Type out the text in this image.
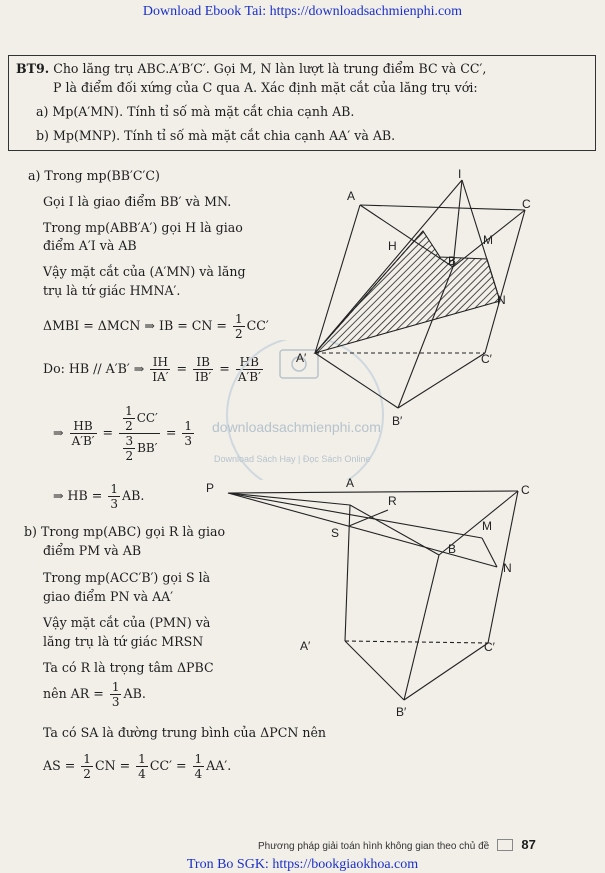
Download Ebook Tai: https://downloadsachmienphi.com
BT9. Cho lăng trụ ABC.A′B′C′. Gọi M, N làn lượt là trung điểm BC và CC′,
P là điểm đối xứng của C qua A. Xác định mặt cắt của lăng trụ với:
a) Mp(A′MN). Tính tỉ số mà mặt cắt chia cạnh AB.
b) Mp(MNP). Tính tỉ số mà mặt cắt chia cạnh AA′ và AB.
a) Trong mp(BB′C′C)
Gọi I là giao điểm BB′ và MN.
Trong mp(ABB′A′) gọi H là giao
điểm A′I và AB
Vậy mặt cắt của (A′MN) và lăng
trụ là tứ giác HMNA′.
ΔMBI = ΔMCN ⇒ IB = CN = $\frac{1}{2} CC'$
Do: HB // A′B′ ⇒ $\frac{IH}{IA'} = \frac{IB}{IB'} = \frac{HB}{A'B'}$
⇒ $\frac{HB}{A'B'} = \frac{\frac{1}{2} CC'}{\frac{3}{2} BB'} = \frac{1}{3}$
⇒ HB = $\frac{1}{3}$ AB.
b) Trong mp(ABC) gọi R là giao
điểm PM và AB
Trong mp(ACC′B′) gọi S là
giao điểm PN và AA′
Vậy mặt cắt của (PMN) và
lăng trụ là tứ giác MRSN
Ta có R là trọng tâm ΔPBC
nên AR = $\frac{1}{3}$ AB.
Ta có SA là đường trung bình của ΔPCN nên
AS = $\frac{1}{2}$ CN = $\frac{1}{4} CC' = \frac{1}{4} AA'$.
downloadsachmienphi.com
Download Sách Hay | Đọc Sách Online
A
C
I
H	M
B
N
A′	C′
B′
P	A	C
R
S	M
B
N
A′	C′
B′
Phương pháp giải toán hình không gian theo chủ đề 87
Tron Bo SGK: https://bookgiaokhoa.com
